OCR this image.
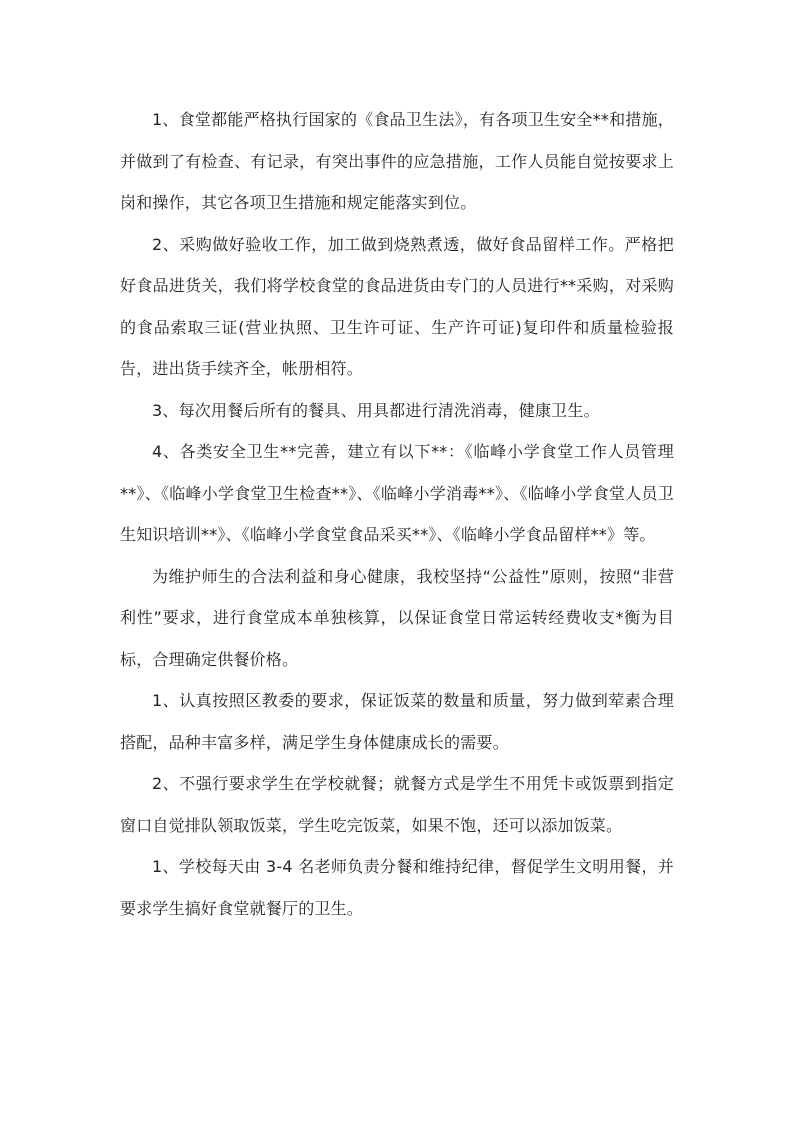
1、食堂都能严格执行国家的《食品卫生法》，有各项卫生安全**和措施，并做到了有检查、有记录，有突出事件的应急措施，工作人员能自觉按要求上岗和操作，其它各项卫生措施和规定能落实到位。

2、采购做好验收工作，加工做到烧熟煮透，做好食品留样工作。严格把好食品进货关，我们将学校食堂的食品进货由专门的人员进行**采购，对采购的食品索取三证(营业执照、卫生许可证、生产许可证)复印件和质量检验报告，进出货手续齐全，帐册相符。

3、每次用餐后所有的餐具、用具都进行清洗消毒，健康卫生。

4、各类安全卫生**完善，建立有以下**：《临峰小学食堂工作人员管理**》、《临峰小学食堂卫生检查**》、《临峰小学消毒**》、《临峰小学食堂人员卫生知识培训**》、《临峰小学食堂食品采买**》、《临峰小学食品留样**》等。

为维护师生的合法利益和身心健康，我校坚持“公益性”原则，按照“非营利性”要求，进行食堂成本单独核算，以保证食堂日常运转经费收支*衡为目标，合理确定供餐价格。

1、认真按照区教委的要求，保证饭菜的数量和质量，努力做到荤素合理搭配，品种丰富多样，满足学生身体健康成长的需要。

2、不强行要求学生在学校就餐；就餐方式是学生不用凭卡或饭票到指定窗口自觉排队领取饭菜，学生吃完饭菜，如果不饱，还可以添加饭菜。

1、学校每天由 3-4 名老师负责分餐和维持纪律，督促学生文明用餐，并要求学生搞好食堂就餐厅的卫生。
